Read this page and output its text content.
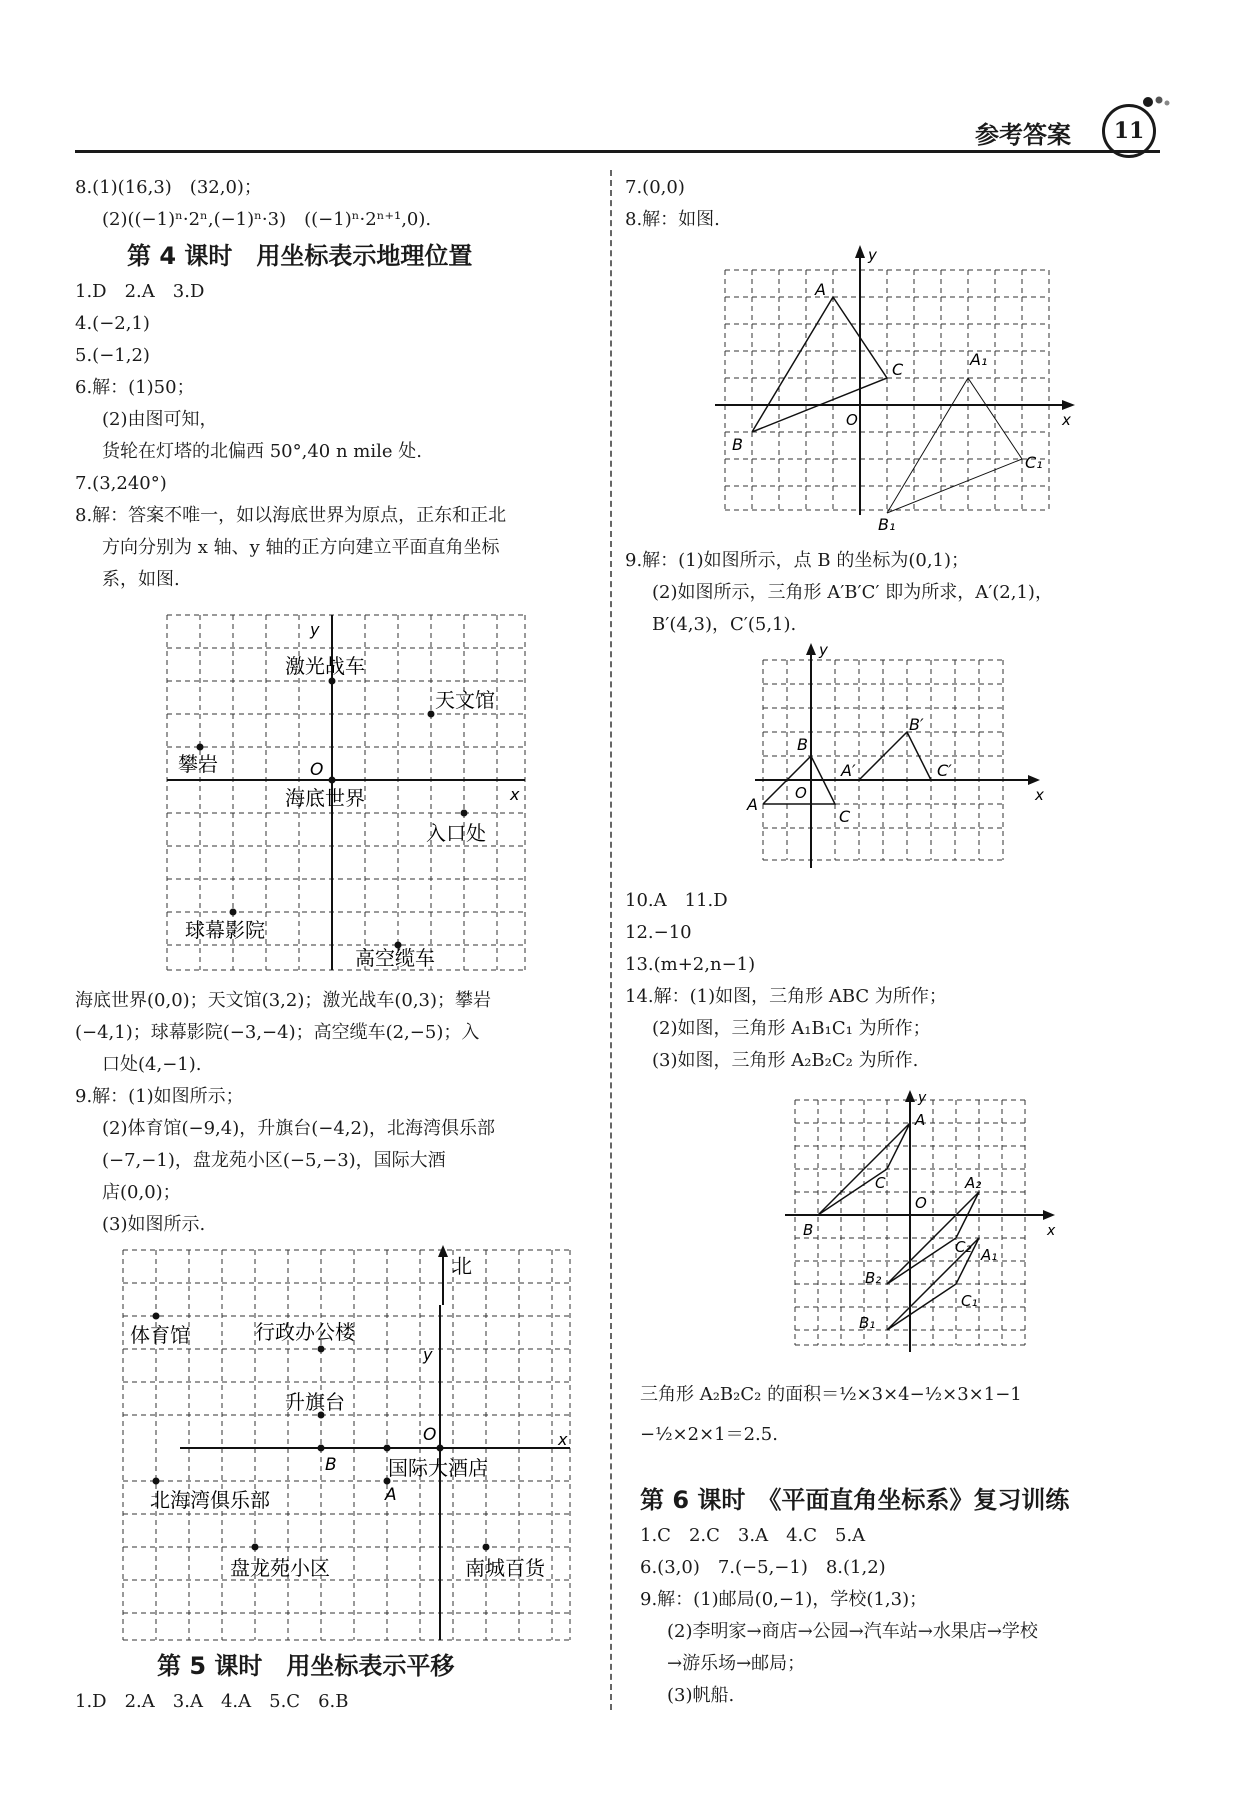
参考答案	11

8.(1)(16,3)　(32,0)；

(2)((−1)ⁿ·2ⁿ,(−1)ⁿ·3)　((−1)ⁿ·2ⁿ⁺¹,0).

第 4 课时　用坐标表示地理位置

1.D　2.A　3.D

4.(−2,1)

5.(−1,2)

6.解：(1)50；

(2)由图可知，

货轮在灯塔的北偏西 50°,40 n mile 处.

7.(3,240°)

8.解：答案不唯一，如以海底世界为原点，正东和正北

方向分别为 x 轴、y 轴的正方向建立平面直角坐标

系，如图.

y
x
激光战车
天文馆
攀岩	O
海底世界
入口处
球幕影院
高空缆车

海底世界(0,0)；天文馆(3,2)；激光战车(0,3)；攀岩

(−4,1)；球幕影院(−3,−4)；高空缆车(2,−5)；入

口处(4,−1).

9.解：(1)如图所示；

(2)体育馆(−9,4)，升旗台(−4,2)，北海湾俱乐部

(−7,−1)，盘龙苑小区(−5,−3)，国际大酒

店(0,0)；

(3)如图所示.

北
y
x
体育馆	行政办公楼
升旗台
O
B
A
国际大酒店
北海湾俱乐部
盘龙苑小区	南城百货

第 5 课时　用坐标表示平移

1.D　2.A　3.A　4.A　5.C　6.B

7.(0,0)

8.解：如图.

y
x
O
A
B
C
A₁
B₁
C₁

9.解：(1)如图所示，点 B 的坐标为(0,1)；

(2)如图所示，三角形 A′B′C′ 即为所求，A′(2,1)，

B′(4,3)，C′(5,1).

y
x
O
B
A
C
A′
B′
C′

10.A　11.D

12.−10

13.(m+2,n−1)

14.解：(1)如图，三角形 ABC 为所作；

(2)如图，三角形 A₁B₁C₁ 为所作；

(3)如图，三角形 A₂B₂C₂ 为所作.

y
x
O
A
B
C	A₂
B₂
C₂ A₁
B₁
C₁

三角形 A₂B₂C₂ 的面积＝½×3×4−½×3×1−1

−½×2×1＝2.5.

第 6 课时　《平面直角坐标系》复习训练

1.C　2.C　3.A　4.C　5.A

6.(3,0)　7.(−5,−1)　8.(1,2)

9.解：(1)邮局(0,−1)，学校(1,3)；

(2)李明家→商店→公园→汽车站→水果店→学校

→游乐场→邮局；

(3)帆船.
